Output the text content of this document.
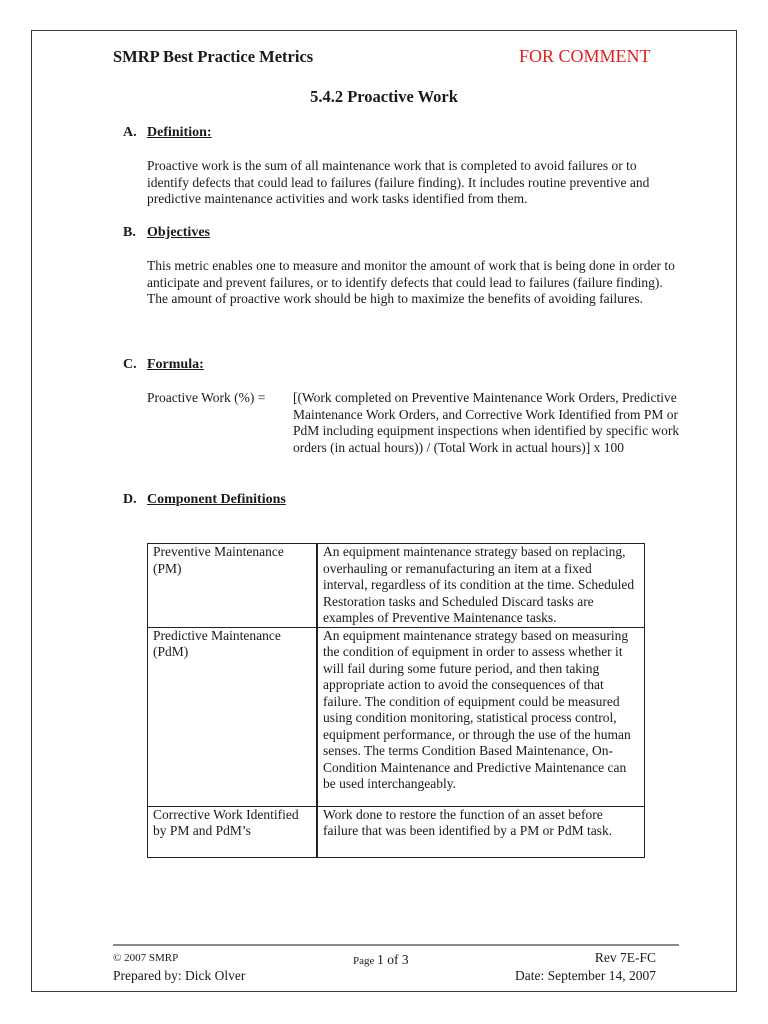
SMRP Best Practice Metrics	FOR COMMENT
5.4.2 Proactive Work
A. Definition:
Proactive work is the sum of all maintenance work that is completed to avoid failures or to identify defects that could lead to failures (failure finding). It includes routine preventive and predictive maintenance activities and work tasks identified from them.
B. Objectives
This metric enables one to measure and monitor the amount of work that is being done in order to anticipate and prevent failures, or to identify defects that could lead to failures (failure finding). The amount of proactive work should be high to maximize the benefits of avoiding failures.
C. Formula:
Proactive Work (%) = [(Work completed on Preventive Maintenance Work Orders, Predictive Maintenance Work Orders, and Corrective Work Identified from PM or PdM including equipment inspections when identified by specific work orders (in actual hours)) / (Total Work in actual hours)] x 100
D. Component Definitions
Preventive Maintenance (PM)	An equipment maintenance strategy based on replacing, overhauling or remanufacturing an item at a fixed interval, regardless of its condition at the time. Scheduled Restoration tasks and Scheduled Discard tasks are examples of Preventive Maintenance tasks.
Predictive Maintenance (PdM)	An equipment maintenance strategy based on measuring the condition of equipment in order to assess whether it will fail during some future period, and then taking appropriate action to avoid the consequences of that failure. The condition of equipment could be measured using condition monitoring, statistical process control, equipment performance, or through the use of the human senses. The terms Condition Based Maintenance, On-Condition Maintenance and Predictive Maintenance can be used interchangeably.
Corrective Work Identified by PM and PdM’s	Work done to restore the function of an asset before failure that was been identified by a PM or PdM task.
© 2007 SMRP	Page 1 of 3	Rev 7E-FC
Prepared by: Dick Olver	Date: September 14, 2007
